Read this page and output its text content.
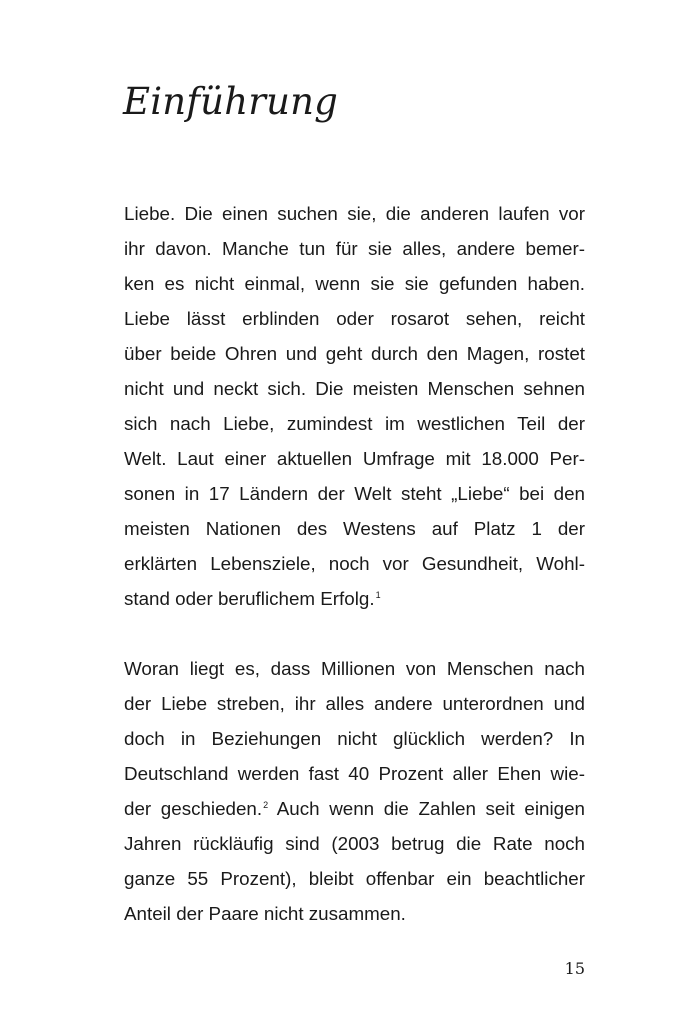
Einführung
Liebe. Die einen suchen sie, die anderen laufen vor
ihr davon. Manche tun für sie alles, andere bemer-
ken es nicht einmal, wenn sie sie gefunden haben.
Liebe lässt erblinden oder rosarot sehen, reicht
über beide Ohren und geht durch den Magen, rostet
nicht und neckt sich. Die meisten Menschen sehnen
sich nach Liebe, zumindest im westlichen Teil der
Welt. Laut einer aktuellen Umfrage mit 18.000 Per-
sonen in 17 Ländern der Welt steht „Liebe“ bei den
meisten Nationen des Westens auf Platz 1 der
erklärten Lebensziele, noch vor Gesundheit, Wohl-
stand oder beruflichem Erfolg.$^1$
Woran liegt es, dass Millionen von Menschen nach
der Liebe streben, ihr alles andere unterordnen und
doch in Beziehungen nicht glücklich werden? In
Deutschland werden fast 40 Prozent aller Ehen wie-
der geschieden.$^2$ Auch wenn die Zahlen seit einigen
Jahren rückläufig sind (2003 betrug die Rate noch
ganze 55 Prozent), bleibt offenbar ein beachtlicher
Anteil der Paare nicht zusammen.
15
